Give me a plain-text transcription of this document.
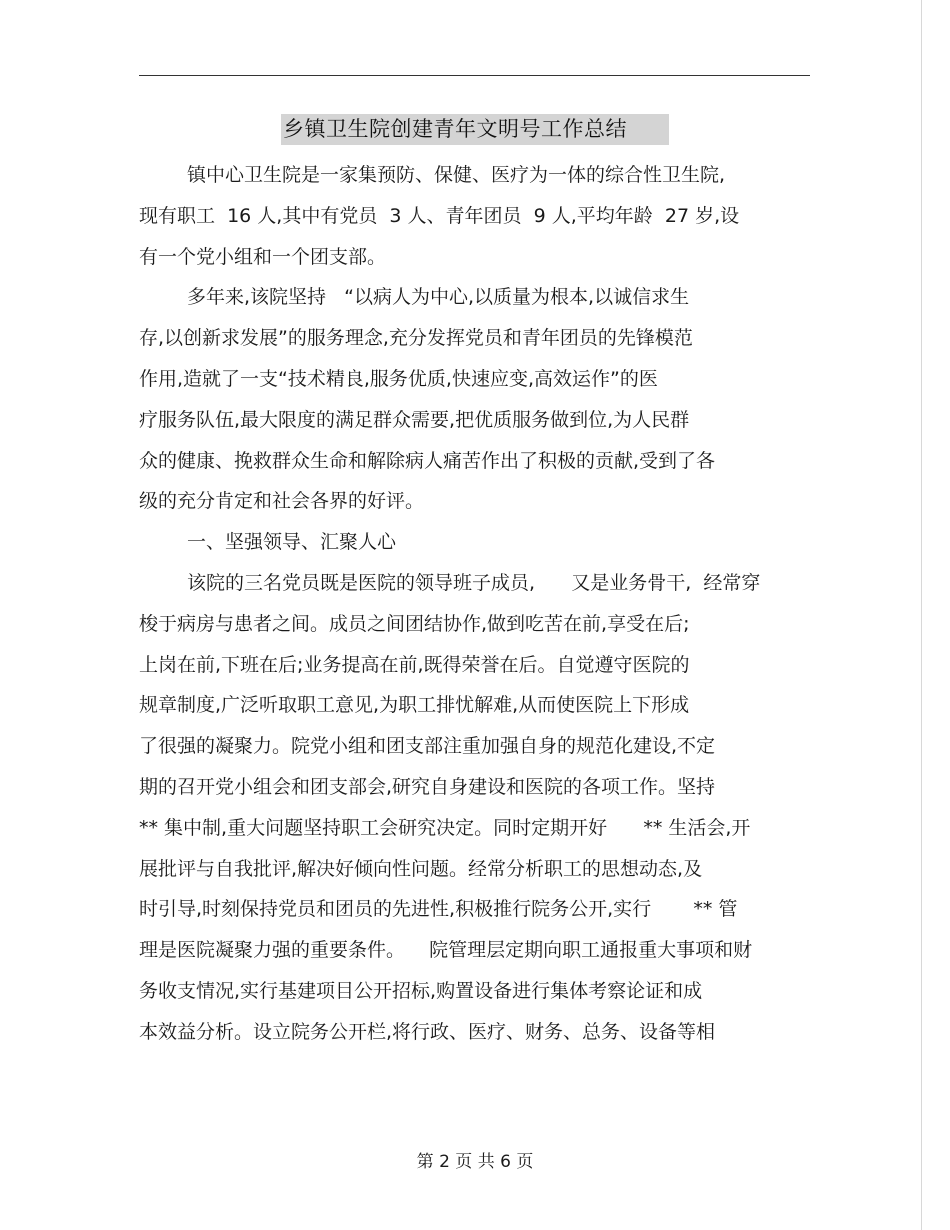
乡镇卫生院创建青年文明号工作总结
镇中心卫生院是一家集预防、保健、医疗为一体的综合性卫生院,
现有职工  16 人,其中有党员  3 人、青年团员  9 人,平均年龄  27 岁,设
有一个党小组和一个团支部。
多年来,该院坚持   “以病人为中心,以质量为根本,以诚信求生
存,以创新求发展”的服务理念,充分发挥党员和青年团员的先锋模范
作用,造就了一支“技术精良,服务优质,快速应变,高效运作”的医
疗服务队伍,最大限度的满足群众需要,把优质服务做到位,为人民群
众的健康、挽救群众生命和解除病人痛苦作出了积极的贡献,受到了各
级的充分肯定和社会各界的好评。
一、坚强领导、汇聚人心
该院的三名党员既是医院的领导班子成员,      又是业务骨干,  经常穿
梭于病房与患者之间。成员之间团结协作,做到吃苦在前,享受在后;
上岗在前,下班在后;业务提高在前,既得荣誉在后。自觉遵守医院的
规章制度,广泛听取职工意见,为职工排忧解难,从而使医院上下形成
了很强的凝聚力。院党小组和团支部注重加强自身的规范化建设,不定
期的召开党小组会和团支部会,研究自身建设和医院的各项工作。坚持
** 集中制,重大问题坚持职工会研究决定。同时定期开好      ** 生活会,开
展批评与自我批评,解决好倾向性问题。经常分析职工的思想动态,及
时引导,时刻保持党员和团员的先进性,积极推行院务公开,实行       ** 管
理是医院凝聚力强的重要条件。    院管理层定期向职工通报重大事项和财
务收支情况,实行基建项目公开招标,购置设备进行集体考察论证和成
本效益分析。设立院务公开栏,将行政、医疗、财务、总务、设备等相
第 2 页 共 6 页
